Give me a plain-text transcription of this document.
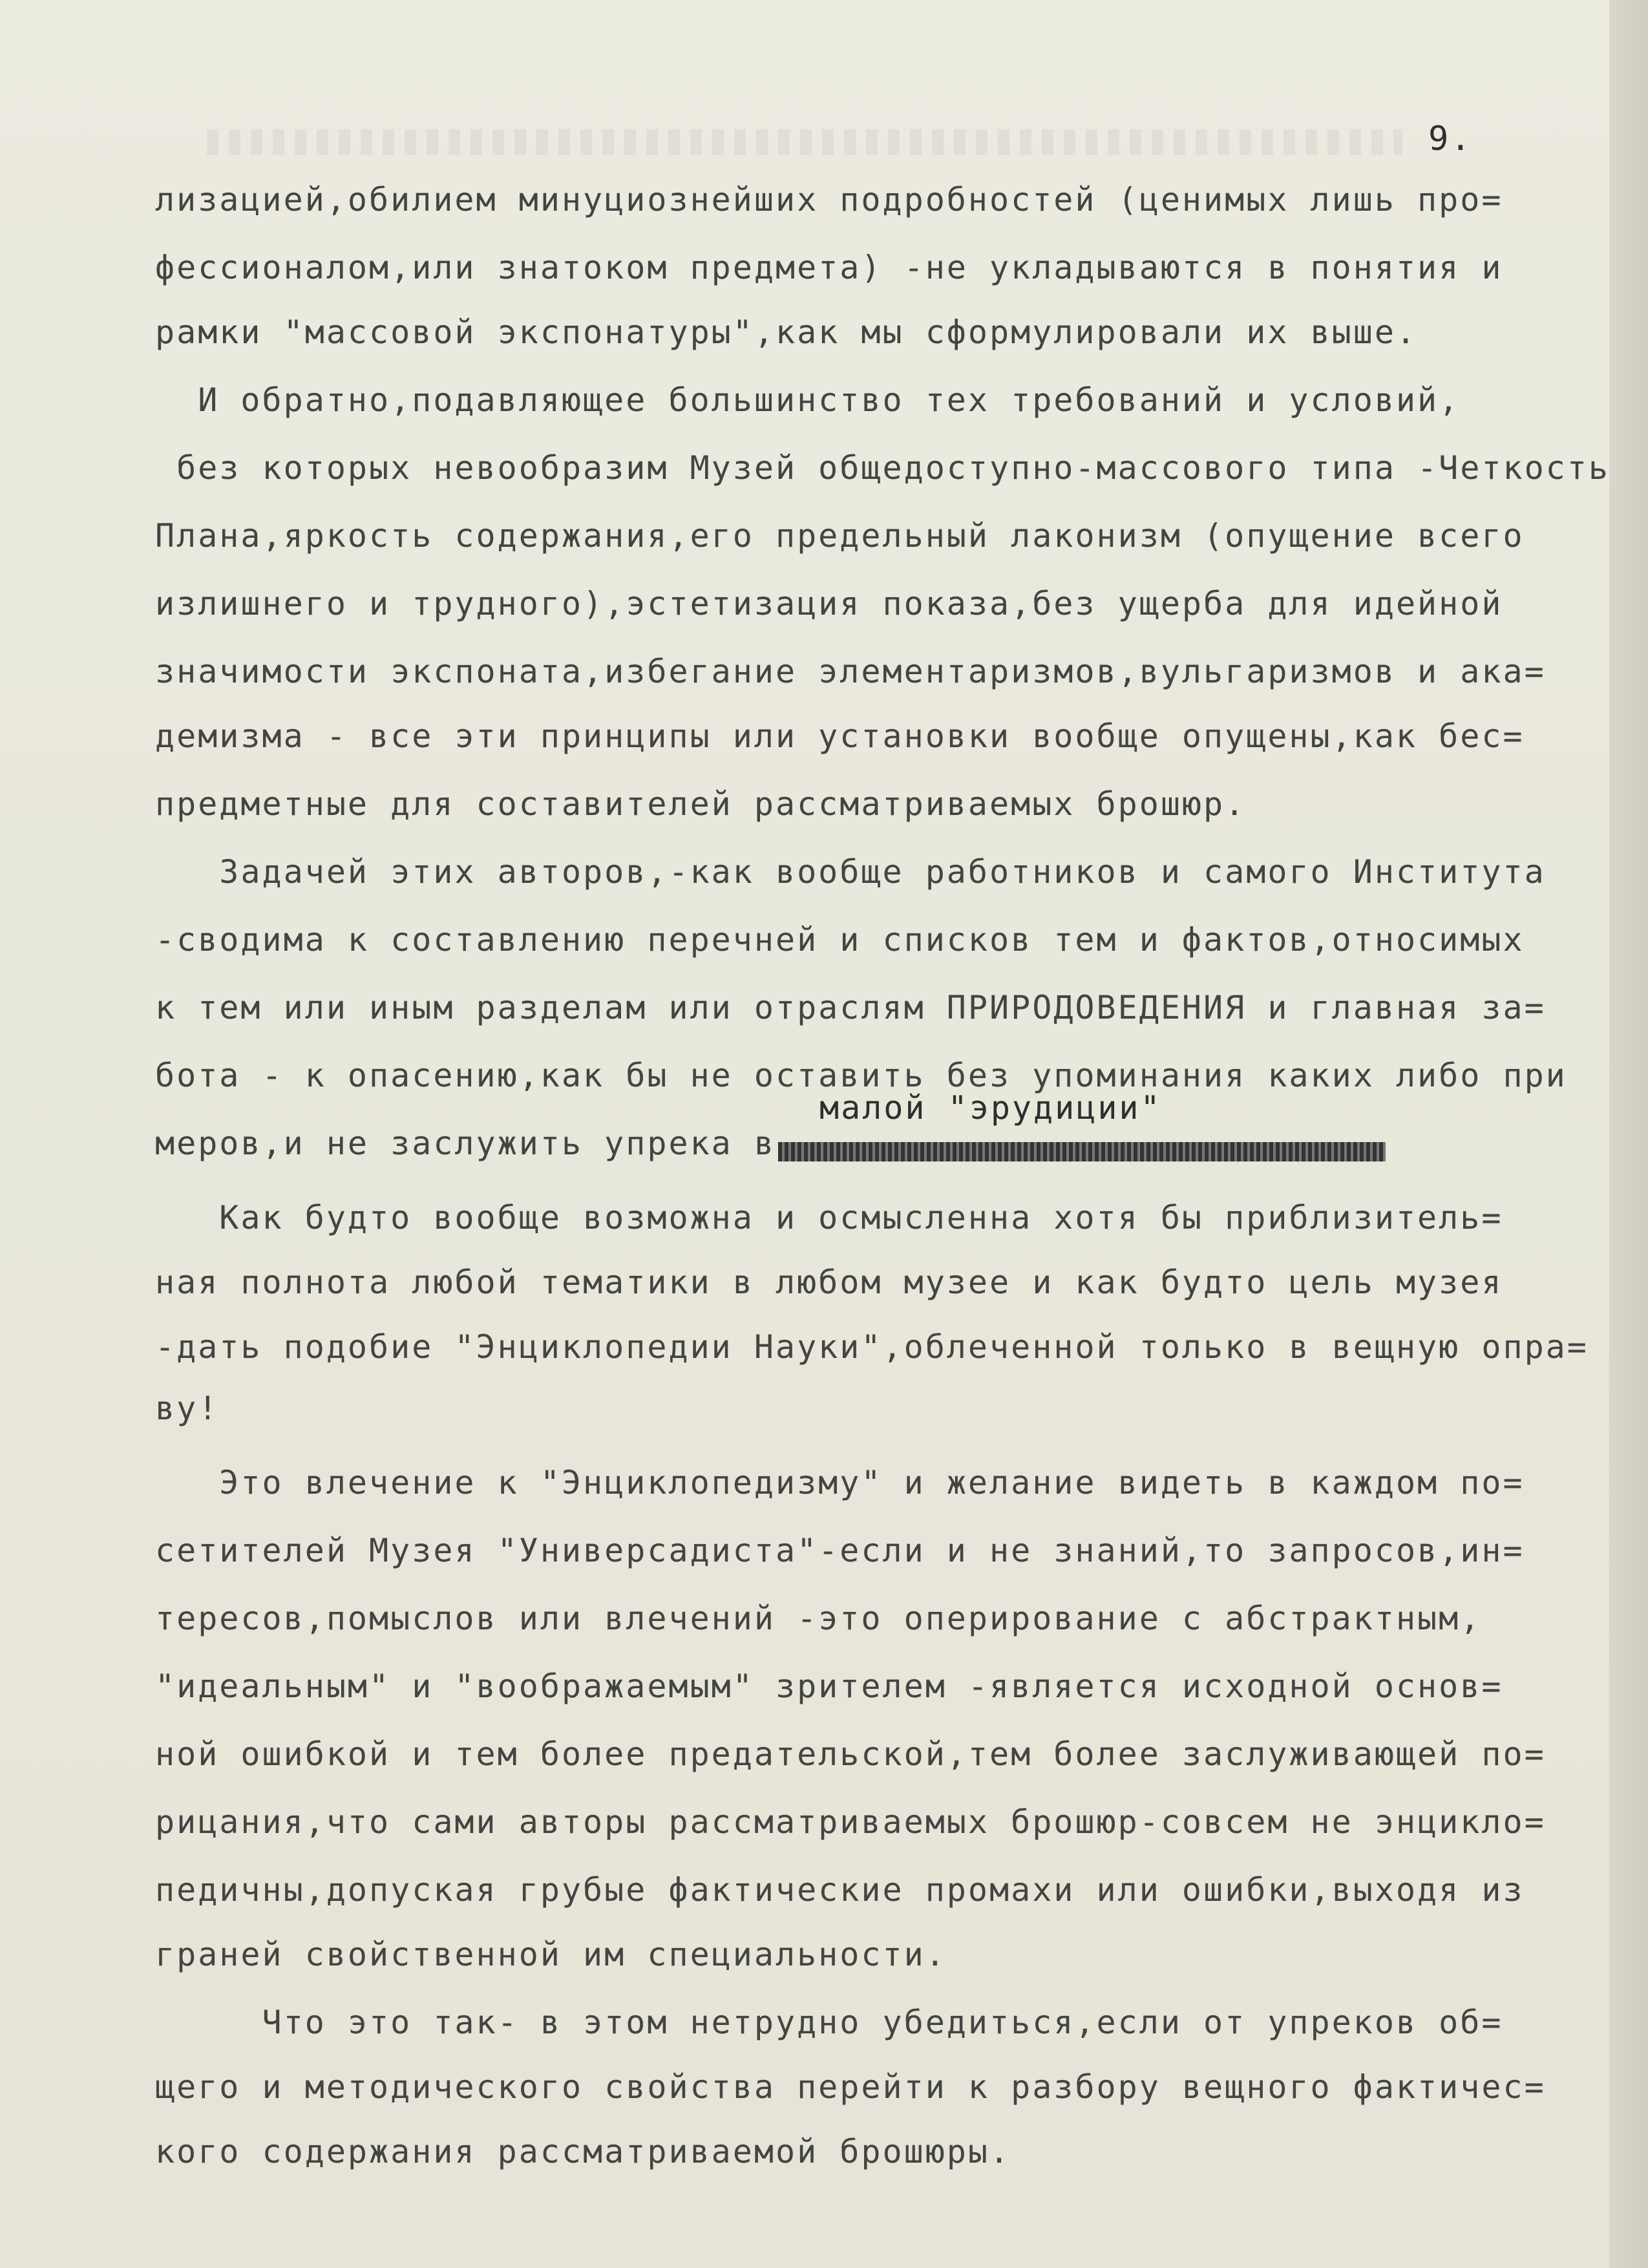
9.

лизацией,обилием минуциознейших подробностей (ценимых лишь про=

фессионалом,или знатоком предмета) -не укладываются в понятия и

рамки "массовой экспонатуры",как мы сформулировали их выше.

И обратно,подавляющее большинство тех требований и условий,

без которых невообразим Музей общедоступно-массового типа -Четкость

Плана,яркость содержания,его предельный лаконизм (опущение всего

излишнего и трудного),эстетизация показа,без ущерба для идейной

значимости экспоната,избегание элементаризмов,вульгаризмов и ака=

демизма - все эти принципы или установки вообще опущены,как бес=

предметные для составителей рассматриваемых брошюр.

Задачей этих авторов,-как вообще работников и самого Института

-сводима к составлению перечней и списков тем и фактов,относимых

к тем или иным разделам или отраслям ПРИРОДОВЕДЕНИЯ и главная за=

бота - к опасению,как бы не оставить без упоминания каких либо при

малой "эрудиции"
меров,и не заслужить упрека в

Как будто вообще возможна и осмысленна хотя бы приблизитель=

ная полнота любой тематики в любом музее и как будто цель музея

-дать подобие "Энциклопедии Науки",облеченной только в вещную опра=

ву!

Это влечение к "Энциклопедизму" и желание видеть в каждом по=

сетителей Музея "Универсадиста"-если и не знаний,то запросов,ин=

тересов,помыслов или влечений -это оперирование с абстрактным,

"идеальным" и "воображаемым" зрителем -является исходной основ=

ной ошибкой и тем более предательской,тем более заслуживающей по=

рицания,что сами авторы рассматриваемых брошюр-совсем не энцикло=

педичны,допуская грубые фактические промахи или ошибки,выходя из

граней свойственной им специальности.

Что это так- в этом нетрудно убедиться,если от упреков об=

щего и методического свойства перейти к разбору вещного фактичес=

кого содержания рассматриваемой брошюры.
